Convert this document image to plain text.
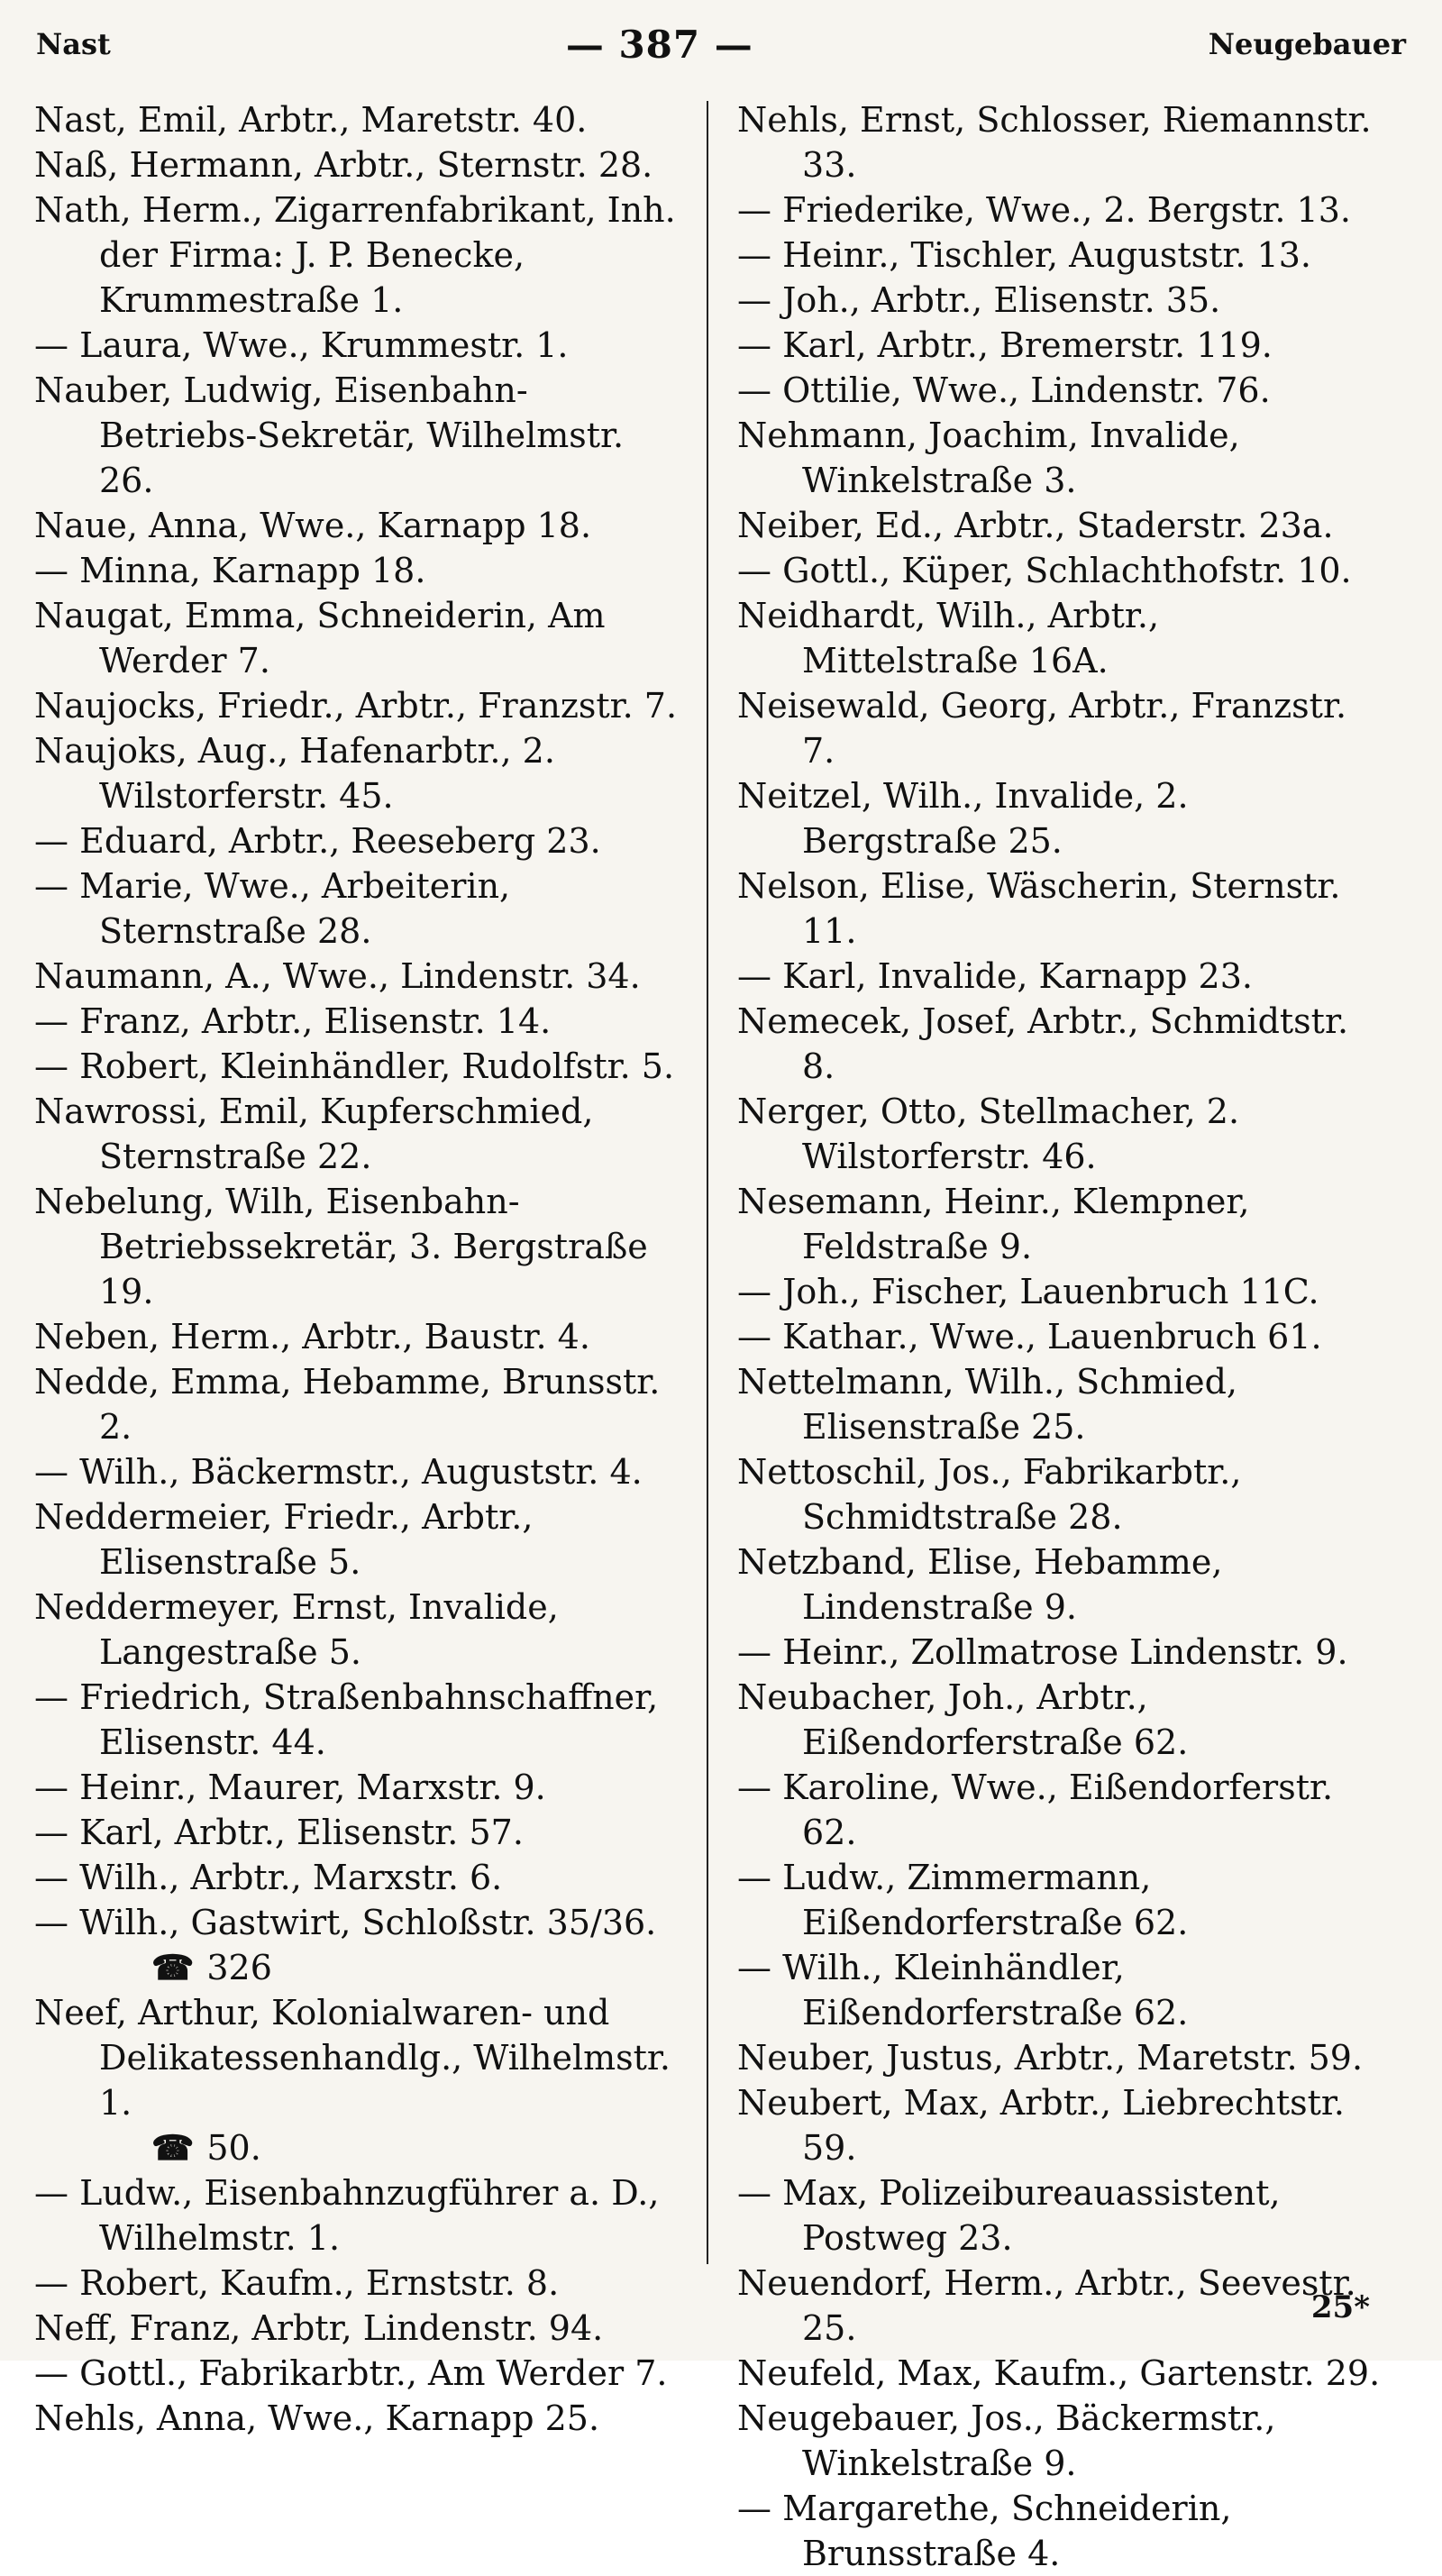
Nast	— 387 —	Neugebauer
Nast, Emil, Arbtr., Maretstr. 40.
Naß, Hermann, Arbtr., Sternstr. 28.
Nath, Herm., Zigarrenfabrikant, Inh. der Firma: J. P. Benecke, Krummestraße 1.
— Laura, Wwe., Krummestr. 1.
Nauber, Ludwig, Eisenbahn-Betriebs-Sekretär, Wilhelmstr. 26.
Naue, Anna, Wwe., Karnapp 18.
— Minna, Karnapp 18.
Naugat, Emma, Schneiderin, Am Werder 7.
Naujocks, Friedr., Arbtr., Franzstr. 7.
Naujoks, Aug., Hafenarbtr., 2. Wilstorferstr. 45.
— Eduard, Arbtr., Reeseberg 23.
— Marie, Wwe., Arbeiterin, Sternstraße 28.
Naumann, A., Wwe., Lindenstr. 34.
— Franz, Arbtr., Elisenstr. 14.
— Robert, Kleinhändler, Rudolfstr. 5.
Nawrossi, Emil, Kupferschmied, Sternstraße 22.
Nebelung, Wilh, Eisenbahn-Betriebssekretär, 3. Bergstraße 19.
Neben, Herm., Arbtr., Baustr. 4.
Nedde, Emma, Hebamme, Brunsstr. 2.
— Wilh., Bäckermstr., Auguststr. 4.
Neddermeier, Friedr., Arbtr., Elisenstraße 5.
Neddermeyer, Ernst, Invalide, Langestraße 5.
— Friedrich, Straßenbahnschaffner, Elisenstr. 44.
— Heinr., Maurer, Marxstr. 9.
— Karl, Arbtr., Elisenstr. 57.
— Wilh., Arbtr., Marxstr. 6.
— Wilh., Gastwirt, Schloßstr. 35/36.
☎ 326
Neef, Arthur, Kolonialwaren- und Delikatessenhandlg., Wilhelmstr. 1.
☎ 50.
— Ludw., Eisenbahnzugführer a. D., Wilhelmstr. 1.
— Robert, Kaufm., Ernststr. 8.
Neff, Franz, Arbtr, Lindenstr. 94.
— Gottl., Fabrikarbtr., Am Werder 7.
Nehls, Anna, Wwe., Karnapp 25.
Nehls, Ernst, Schlosser, Riemannstr. 33.
— Friederike, Wwe., 2. Bergstr. 13.
— Heinr., Tischler, Auguststr. 13.
— Joh., Arbtr., Elisenstr. 35.
— Karl, Arbtr., Bremerstr. 119.
— Ottilie, Wwe., Lindenstr. 76.
Nehmann, Joachim, Invalide, Winkelstraße 3.
Neiber, Ed., Arbtr., Staderstr. 23a.
— Gottl., Küper, Schlachthofstr. 10.
Neidhardt, Wilh., Arbtr., Mittelstraße 16A.
Neisewald, Georg, Arbtr., Franzstr. 7.
Neitzel, Wilh., Invalide, 2. Bergstraße 25.
Nelson, Elise, Wäscherin, Sternstr. 11.
— Karl, Invalide, Karnapp 23.
Nemecek, Josef, Arbtr., Schmidtstr. 8.
Nerger, Otto, Stellmacher, 2. Wilstorferstr. 46.
Nesemann, Heinr., Klempner, Feldstraße 9.
— Joh., Fischer, Lauenbruch 11C.
— Kathar., Wwe., Lauenbruch 61.
Nettelmann, Wilh., Schmied, Elisenstraße 25.
Nettoschil, Jos., Fabrikarbtr., Schmidtstraße 28.
Netzband, Elise, Hebamme, Lindenstraße 9.
— Heinr., Zollmatrose Lindenstr. 9.
Neubacher, Joh., Arbtr., Eißendorferstraße 62.
— Karoline, Wwe., Eißendorferstr. 62.
— Ludw., Zimmermann, Eißendorferstraße 62.
— Wilh., Kleinhändler, Eißendorferstraße 62.
Neuber, Justus, Arbtr., Maretstr. 59.
Neubert, Max, Arbtr., Liebrechtstr. 59.
— Max, Polizeibureauassistent, Postweg 23.
Neuendorf, Herm., Arbtr., Seevestr. 25.
Neufeld, Max, Kaufm., Gartenstr. 29.
Neugebauer, Jos., Bäckermstr., Winkelstraße 9.
— Margarethe, Schneiderin, Brunsstraße 4.
25*
